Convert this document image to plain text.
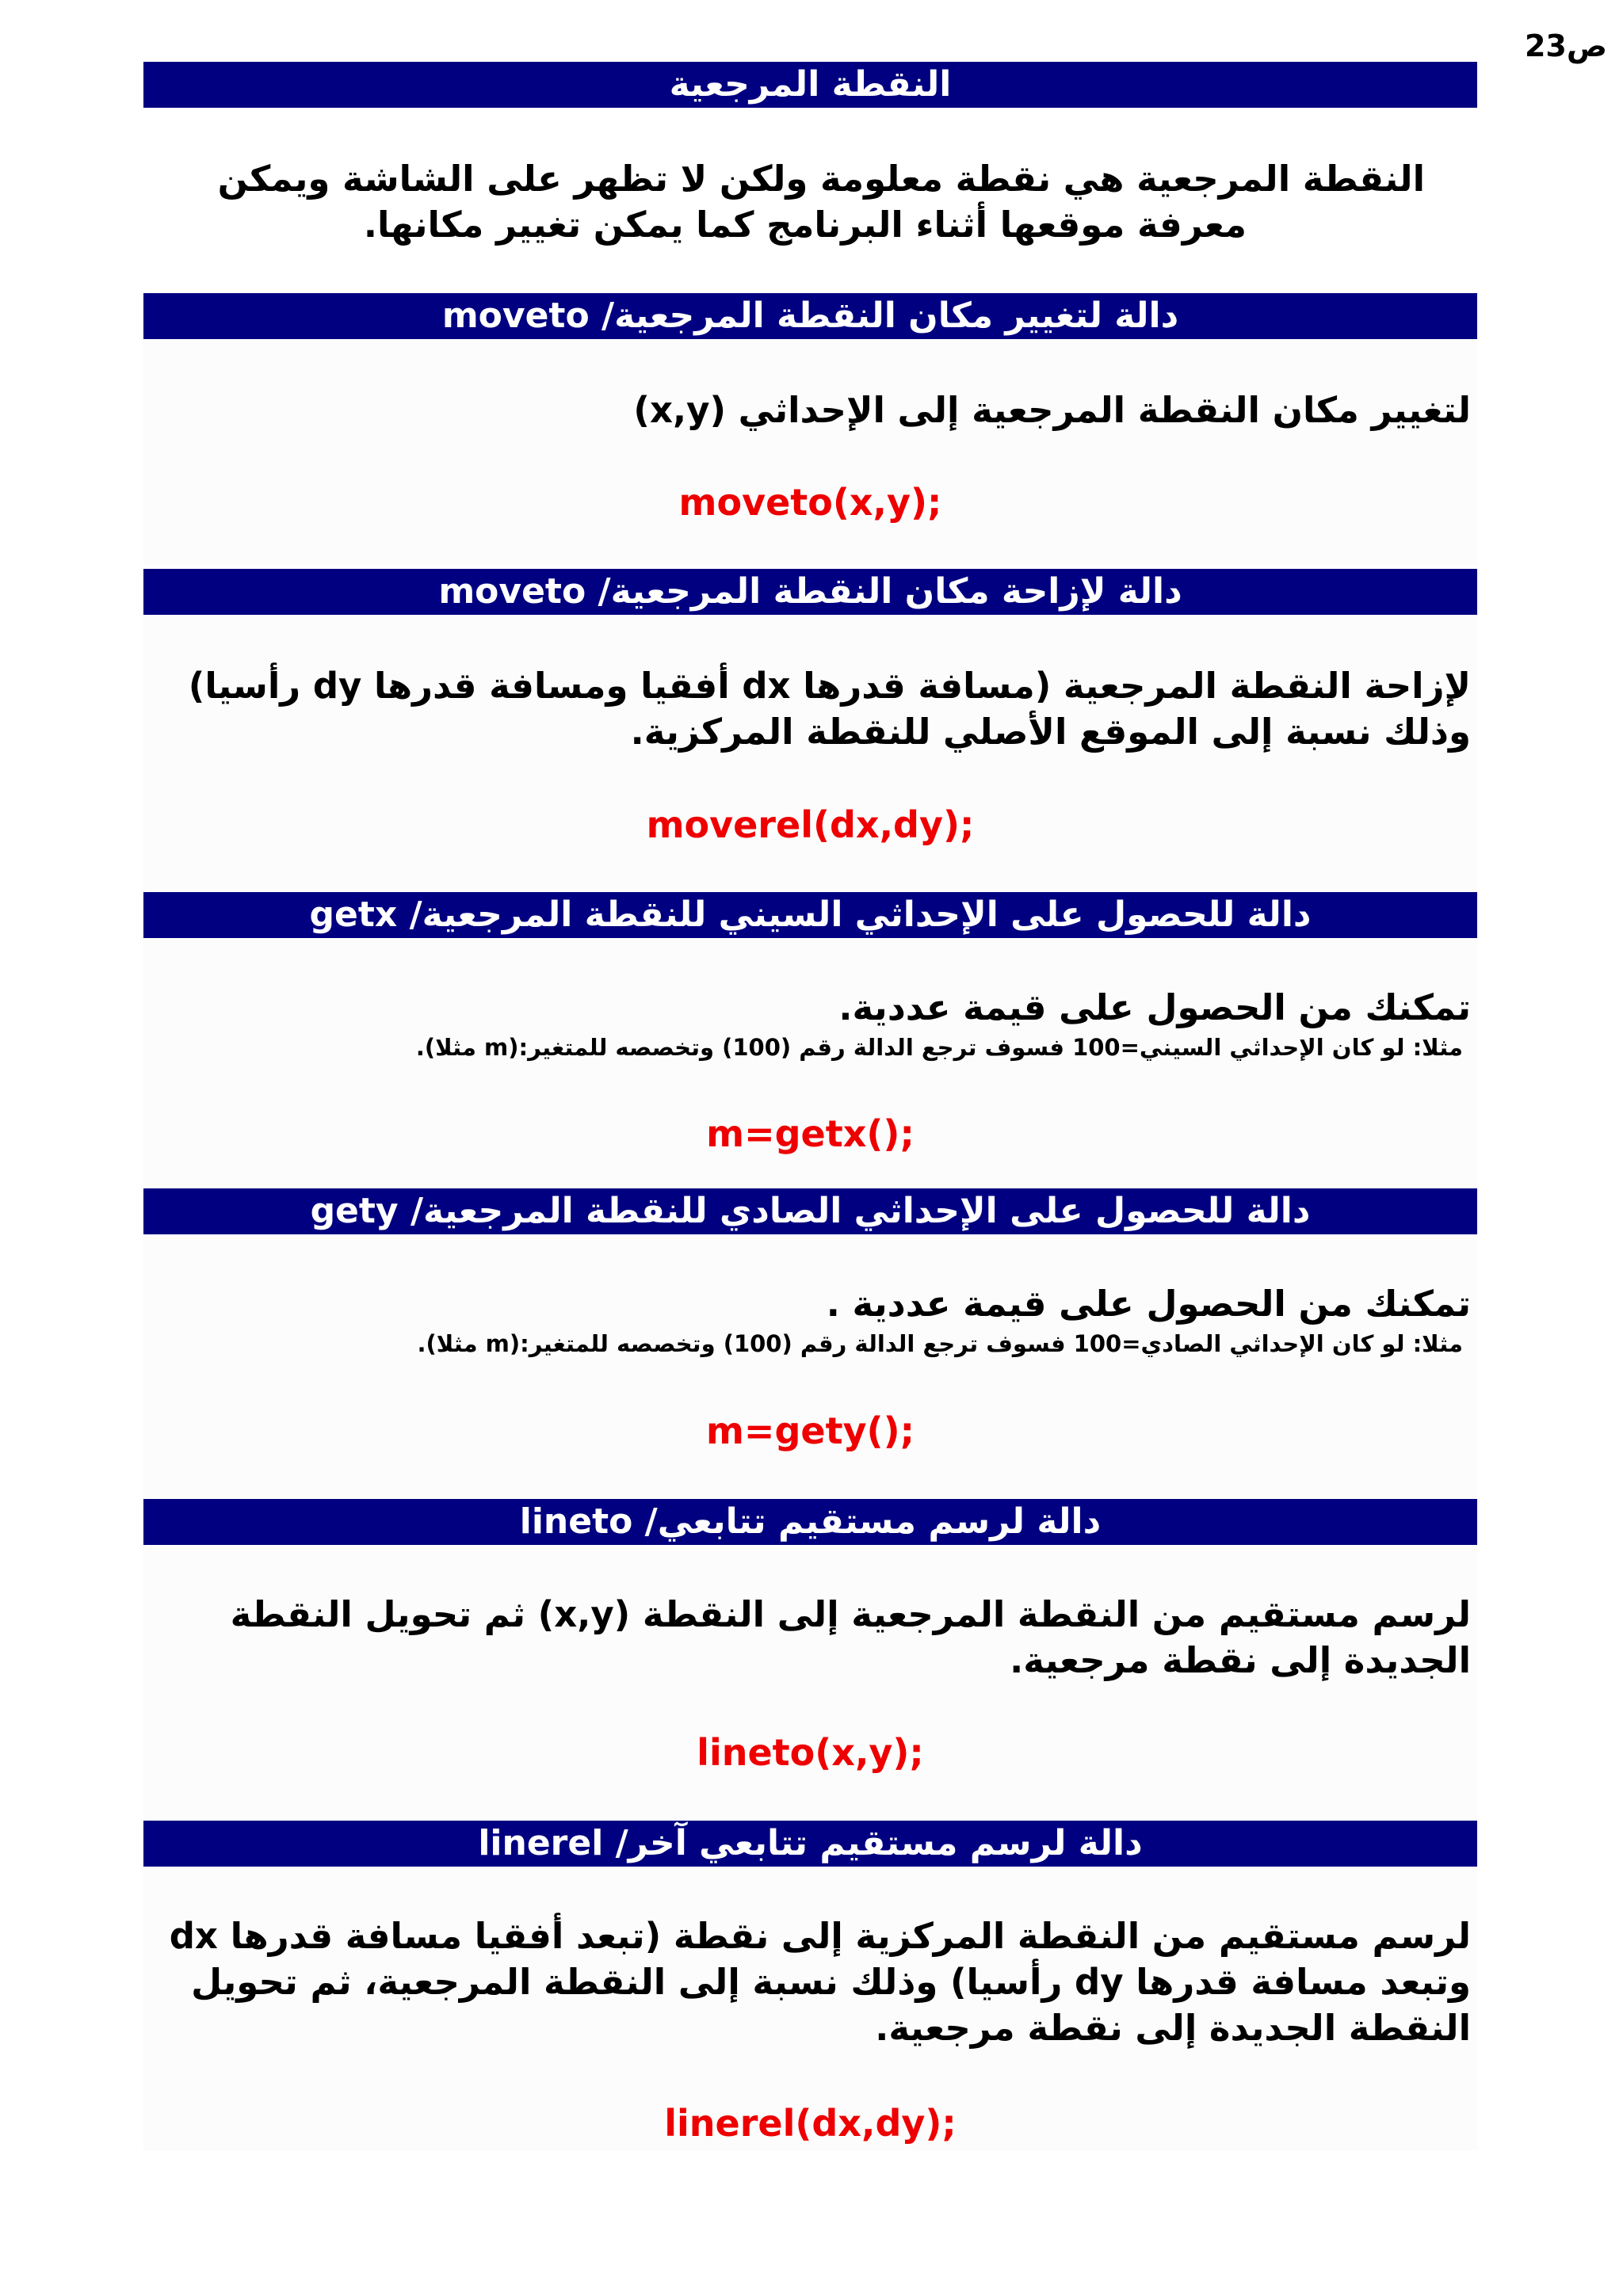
ص23
النقطة المرجعية
النقطة المرجعية هي نقطة معلومة ولكن لا تظهر على الشاشة ويمكن
معرفة موقعها أثناء البرنامج كما يمكن تغيير مكانها.
دالة لتغيير مكان النقطة المرجعية/ moveto
لتغيير مكان النقطة المرجعية إلى الإحداثي (x,y)
moveto(x,y);
دالة لإزاحة مكان النقطة المرجعية/ moveto
لإزاحة النقطة المرجعية (مسافة قدرها dx أفقيا ومسافة قدرها dy رأسيا)
وذلك نسبة إلى الموقع الأصلي للنقطة المركزية.
moverel(dx,dy);
دالة للحصول على الإحداثي السيني للنقطة المرجعية/ getx
تمكنك من الحصول على قيمة عددية.
مثلا: لو كان الإحداثي السيني=100 فسوف ترجع الدالة رقم (100) وتخصصه للمتغير:(m مثلا).
m=getx();
دالة للحصول على الإحداثي الصادي للنقطة المرجعية/ gety
تمكنك من الحصول على قيمة عددية .
مثلا: لو كان الإحداثي الصادي=100 فسوف ترجع الدالة رقم (100) وتخصصه للمتغير:(m مثلا).
m=gety();
دالة لرسم مستقيم تتابعي/ lineto
لرسم مستقيم من النقطة المرجعية إلى النقطة (x,y) ثم تحويل النقطة
الجديدة إلى نقطة مرجعية.
lineto(x,y);
دالة لرسم مستقيم تتابعي آخر/ linerel
لرسم مستقيم من النقطة المركزية إلى نقطة (تبعد أفقيا مسافة قدرها dx
وتبعد مسافة قدرها dy رأسيا) وذلك نسبة إلى النقطة المرجعية، ثم تحويل
النقطة الجديدة إلى نقطة مرجعية.
linerel(dx,dy);
